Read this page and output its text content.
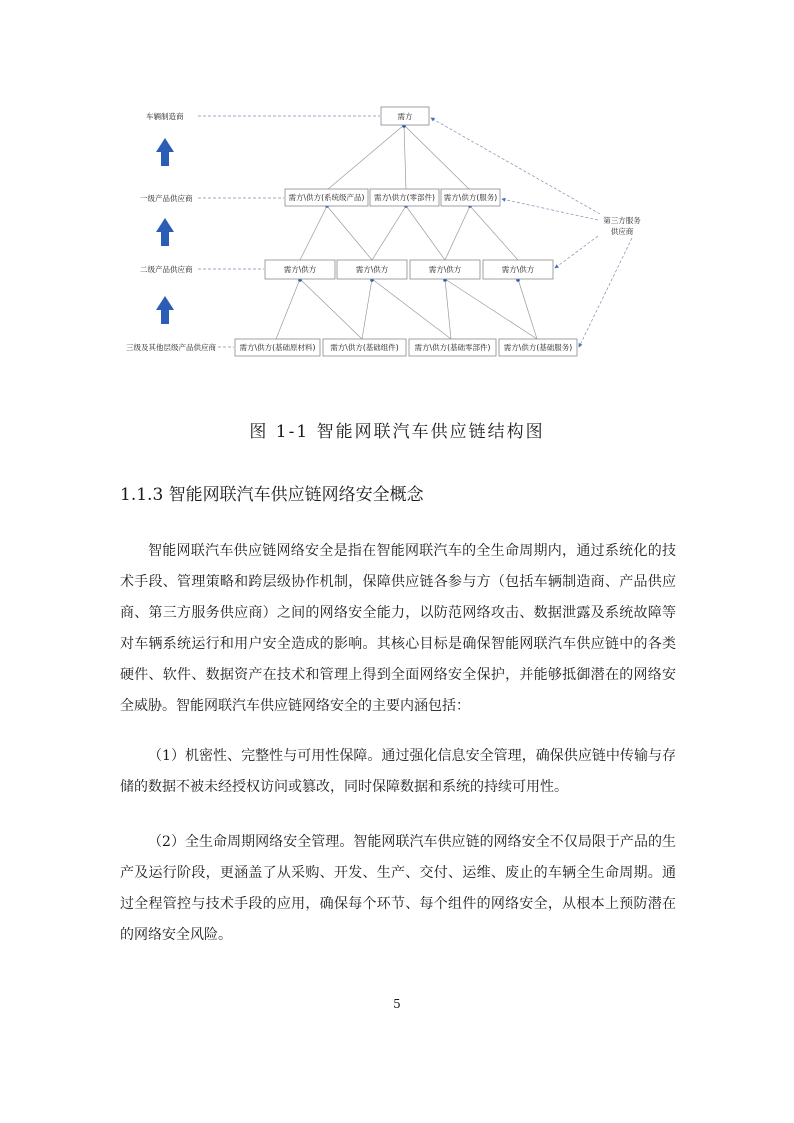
车辆制造商
一级产品供应商
二级产品供应商
三级及其他层级产品供应商
需方
需方\供方(系统级产品) 需方\供方(零部件) 需方\供方(服务)
需方\供方	需方\供方	需方\供方	需方\供方
需方\供方(基础原材料) 需方\供方(基础组件) 需方\供方(基础零部件) 需方\供方(基础服务)
第三方服务
供应商
图 1-1 智能网联汽车供应链结构图
1.1.3 智能网联汽车供应链网络安全概念

智能网联汽车供应链网络安全是指在智能网联汽车的全生命周期内，通过系统化的技术手段、管理策略和跨层级协作机制，保障供应链各参与方（包括车辆制造商、产品供应商、第三方服务供应商）之间的网络安全能力，以防范网络攻击、数据泄露及系统故障等对车辆系统运行和用户安全造成的影响。其核心目标是确保智能网联汽车供应链中的各类硬件、软件、数据资产在技术和管理上得到全面网络安全保护，并能够抵御潜在的网络安全威胁。智能网联汽车供应链网络安全的主要内涵包括：

（1）机密性、完整性与可用性保障。通过强化信息安全管理，确保供应链中传输与存储的数据不被未经授权访问或篡改，同时保障数据和系统的持续可用性。

（2）全生命周期网络安全管理。智能网联汽车供应链的网络安全不仅局限于产品的生产及运行阶段，更涵盖了从采购、开发、生产、交付、运维、废止的车辆全生命周期。通过全程管控与技术手段的应用，确保每个环节、每个组件的网络安全，从根本上预防潜在的网络安全风险。

5
